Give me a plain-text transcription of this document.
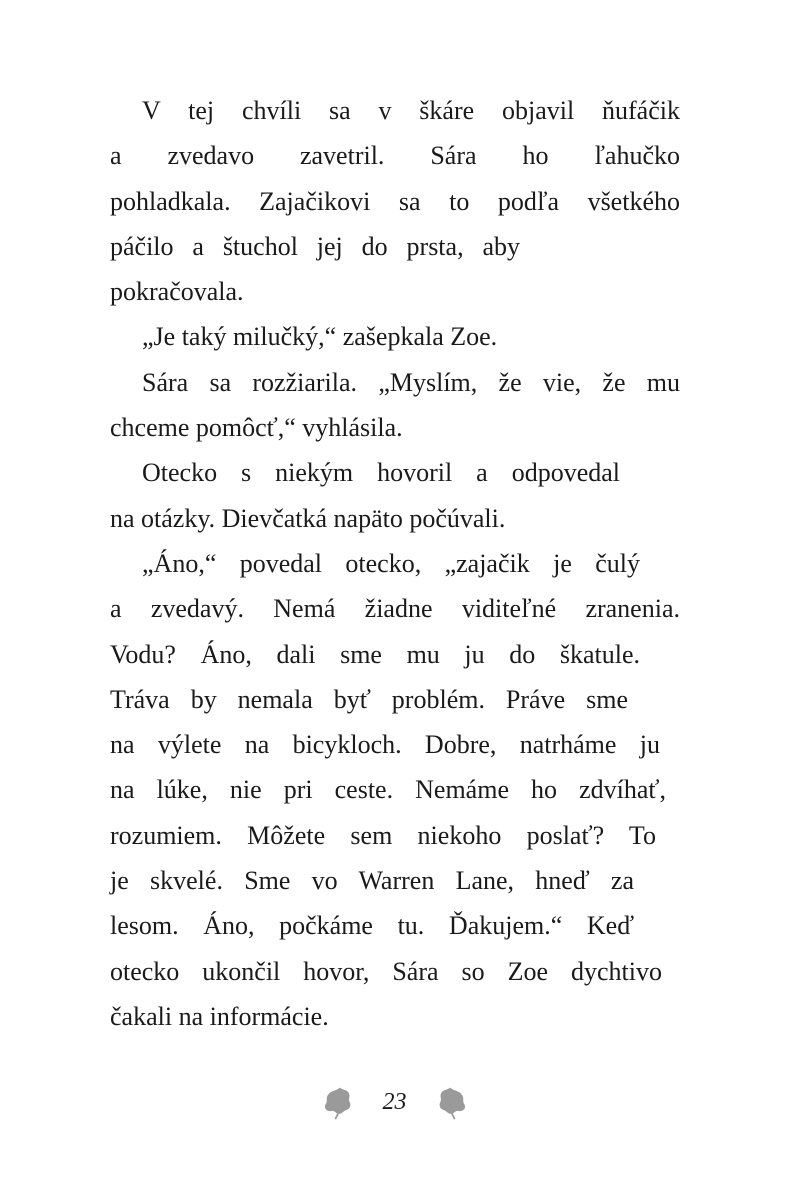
V tej chvíli sa v škáre objavil ňufáčik
a zvedavo zavetril. Sára ho ľahučko
pohladkala. Zajačikovi sa to podľa všetkého
páčilo a štuchol jej do prsta, aby
pokračovala.
„Je taký milučký,“ zašepkala Zoe.
Sára sa rozžiarila. „Myslím, že vie, že mu
chceme pomôcť,“ vyhlásila.
Otecko s niekým hovoril a odpovedal
na otázky. Dievčatká napäto počúvali.
„Áno,“ povedal otecko, „zajačik je čulý
a zvedavý. Nemá žiadne viditeľné zranenia.
Vodu? Áno, dali sme mu ju do škatule.
Tráva by nemala byť problém. Práve sme
na výlete na bicykloch. Dobre, natrháme ju
na lúke, nie pri ceste. Nemáme ho zdvíhať,
rozumiem. Môžete sem niekoho poslať? To
je skvelé. Sme vo Warren Lane, hneď za
lesom. Áno, počkáme tu. Ďakujem.“ Keď
otecko ukončil hovor, Sára so Zoe dychtivo
čakali na informácie.
23
